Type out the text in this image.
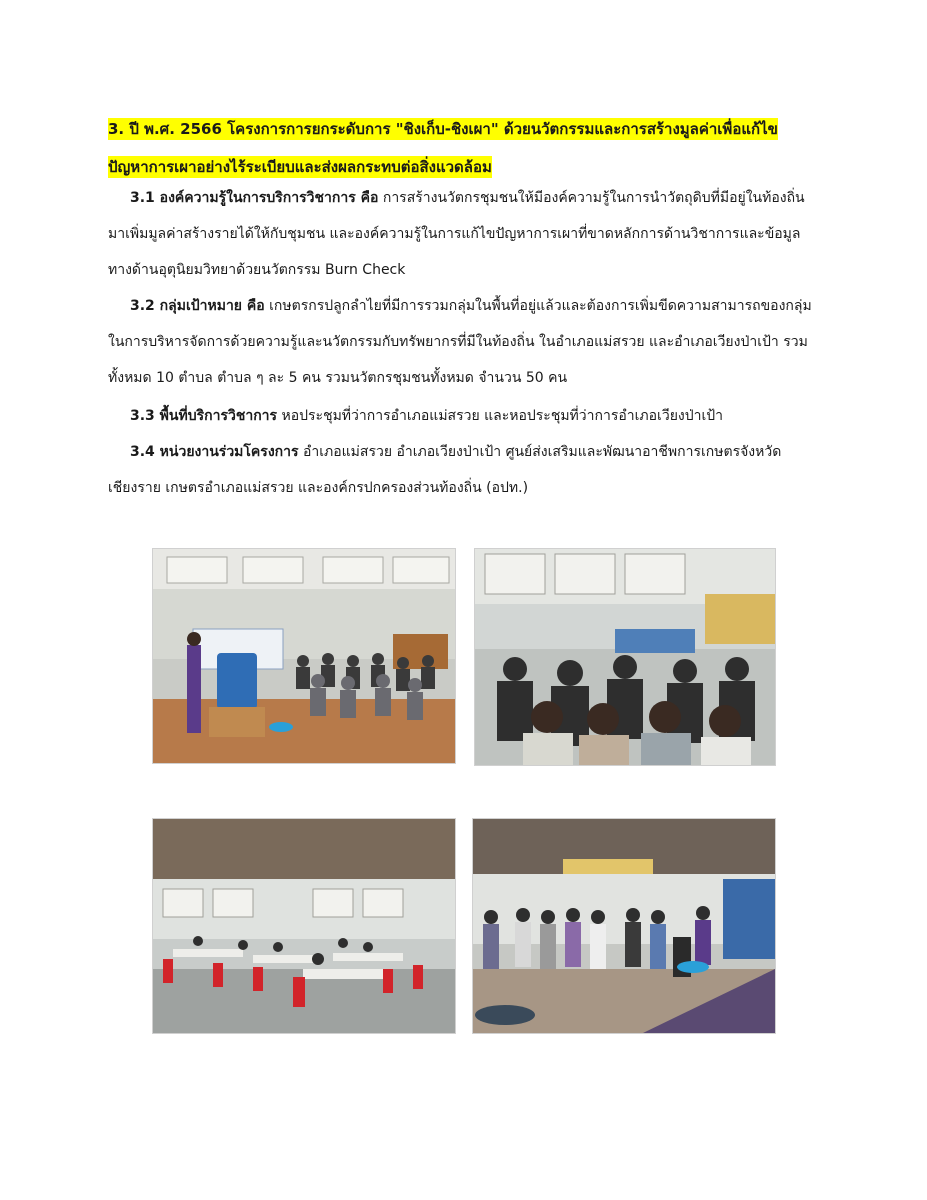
3. ปี พ.ศ. 2566 โครงการการยกระดับการ "ชิงเก็บ-ชิงเผา" ด้วยนวัตกรรมและการสร้างมูลค่าเพื่อแก้ไข
ปัญหาการเผาอย่างไร้ระเบียบและส่งผลกระทบต่อสิ่งแวดล้อม
3.1 องค์ความรู้ในการบริการวิชาการ คือ การสร้างนวัตกรชุมชนให้มีองค์ความรู้ในการนำวัตถุดิบที่มีอยู่ในท้องถิ่นมาเพิ่มมูลค่าสร้างรายได้ให้กับชุมชน และองค์ความรู้ในการแก้ไขปัญหาการเผาที่ขาดหลักการด้านวิชาการและข้อมูลทางด้านอุตุนิยมวิทยาด้วยนวัตกรรม Burn Check
3.2 กลุ่มเป้าหมาย คือ เกษตรกรปลูกลำไยที่มีการรวมกลุ่มในพื้นที่อยู่แล้วและต้องการเพิ่มขีดความสามารถของกลุ่มในการบริหารจัดการด้วยความรู้และนวัตกรรมกับทรัพยากรที่มีในท้องถิ่น ในอำเภอแม่สรวย และอำเภอเวียงป่าเป้า รวมทั้งหมด 10 ตำบล ตำบล ๆ ละ 5 คน รวมนวัตกรชุมชนทั้งหมด จำนวน 50 คน
3.3 พื้นที่บริการวิชาการ หอประชุมที่ว่าการอำเภอแม่สรวย และหอประชุมที่ว่าการอำเภอเวียงป่าเป้า
3.4 หน่วยงานร่วมโครงการ อำเภอแม่สรวย อำเภอเวียงป่าเป้า ศูนย์ส่งเสริมและพัฒนาอาชีพการเกษตรจังหวัดเชียงราย เกษตรอำเภอแม่สรวย และองค์กรปกครองส่วนท้องถิ่น (อปท.)
